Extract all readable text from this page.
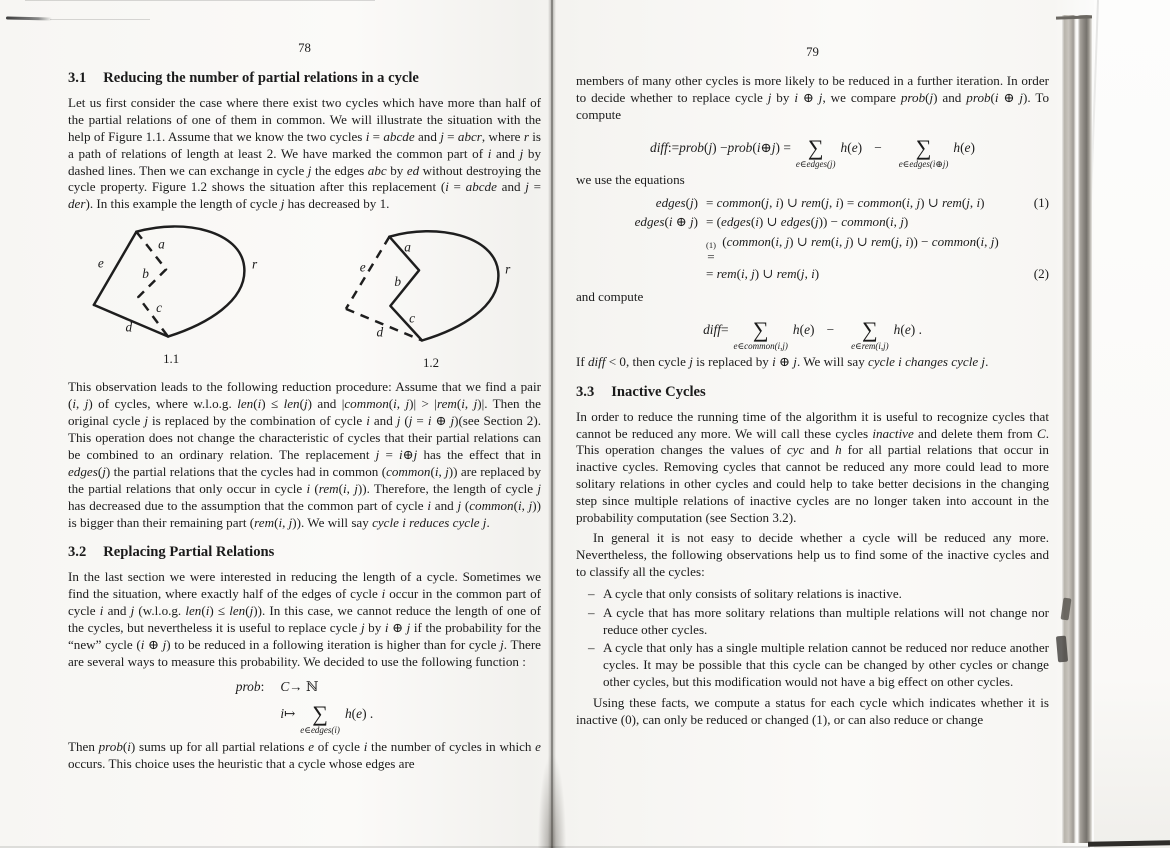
78
3.1 Reducing the number of partial relations in a cycle

Let us first consider the case where there exist two cycles which have more than half of the partial relations of one of them in common. We will illustrate the situation with the help of Figure 1.1. Assume that we know the two cycles i = abcde and j = abcr, where r is a path of relations of length at least 2. We have marked the common part of i and j by dashed lines. Then we can exchange in cycle j the edges abc by ed without destroying the cycle property. Figure 1.2 shows the situation after this replacement (i = abcde and j = der). In this example the length of cycle j has decreased by 1.

e
a
b
c
d
r
1.1
e
a
b
c
d
r
1.2

This observation leads to the following reduction procedure: Assume that we find a pair (i, j) of cycles, where w.l.o.g. len(i) ≤ len(j) and |common(i, j)| > |rem(i, j)|. Then the original cycle j is replaced by the combination of cycle i and j (j = i ⊕ j)(see Section 2). This operation does not change the characteristic of cycles that their partial relations can be combined to an ordinary relation. The replacement j = i⊕j has the effect that in edges(j) the partial relations that the cycles had in common (common(i, j)) are replaced by the partial relations that only occur in cycle i (rem(i, j)). Therefore, the length of cycle j has decreased due to the assumption that the common part of cycle i and j (common(i, j)) is bigger than their remaining part (rem(i, j)). We will say cycle i reduces cycle j.

3.2 Replacing Partial Relations

In the last section we were interested in reducing the length of a cycle. Sometimes we find the situation, where exactly half of the edges of cycle i occur in the common part of cycle i and j (w.l.o.g. len(i) ≤ len(j)). In this case, we cannot reduce the length of one of the cycles, but nevertheless it is useful to replace cycle j by i ⊕ j if the probability for the “new” cycle (i ⊕ j) to be reduced in a following iteration is higher than for cycle j. There are several ways to measure this probability. We decided to use the following function :

prob : C → ℕ
i ↦ ∑
e∈edges(i)
h ( e ) .

Then prob(i) sums up for all partial relations e of cycle i the number of cycles in which e occurs. This choice uses the heuristic that a cycle whose edges are

79

members of many other cycles is more likely to be reduced in a further iteration. In order to decide whether to replace cycle j by i ⊕ j, we compare prob(j) and prob(i ⊕ j). To compute

diff := prob ( j ) − prob ( i ⊕ j ) = ∑
e∈edges(j)
h ( e ) − ∑
e∈edges(i⊕j)
h ( e )

we use the equations

edges(j) = common(j, i) ∪ rem(j, i) = common(i, j) ∪ rem(j, i)	(1)
edges(i ⊕ j) = (edges(i) ∪ edges(j)) − common(i, j)
(1)
=
(common(i, j) ∪ rem(i, j) ∪ rem(j, i)) − common(i, j)
= rem(i, j) ∪ rem(j, i)	(2)

and compute

diff = ∑
e∈common(i,j)
h ( e ) − ∑
e∈rem(i,j)
h ( e ) .

If diff < 0, then cycle j is replaced by i ⊕ j. We will say cycle i changes cycle j.

3.3 Inactive Cycles

In order to reduce the running time of the algorithm it is useful to recognize cycles that cannot be reduced any more. We will call these cycles inactive and delete them from C. This operation changes the values of cyc and h for all partial relations that occur in inactive cycles. Removing cycles that cannot be reduced any more could lead to more solitary relations in other cycles and could help to take better decisions in the changing step since multiple relations of inactive cycles are no longer taken into account in the probability computation (see Section 3.2).

In general it is not easy to decide whether a cycle will be reduced any more. Nevertheless, the following observations help us to find some of the inactive cycles and to classify all the cycles:

– A cycle that only consists of solitary relations is inactive.
– A cycle that has more solitary relations than multiple relations will not change nor reduce other cycles.
– A cycle that only has a single multiple relation cannot be reduced nor reduce another cycles. It may be possible that this cycle can be changed by other cycles or change other cycles, but this modification would not have a big effect on other cycles.

Using these facts, we compute a status for each cycle which indicates whether it is inactive (0), can only be reduced or changed (1), or can also reduce or change
